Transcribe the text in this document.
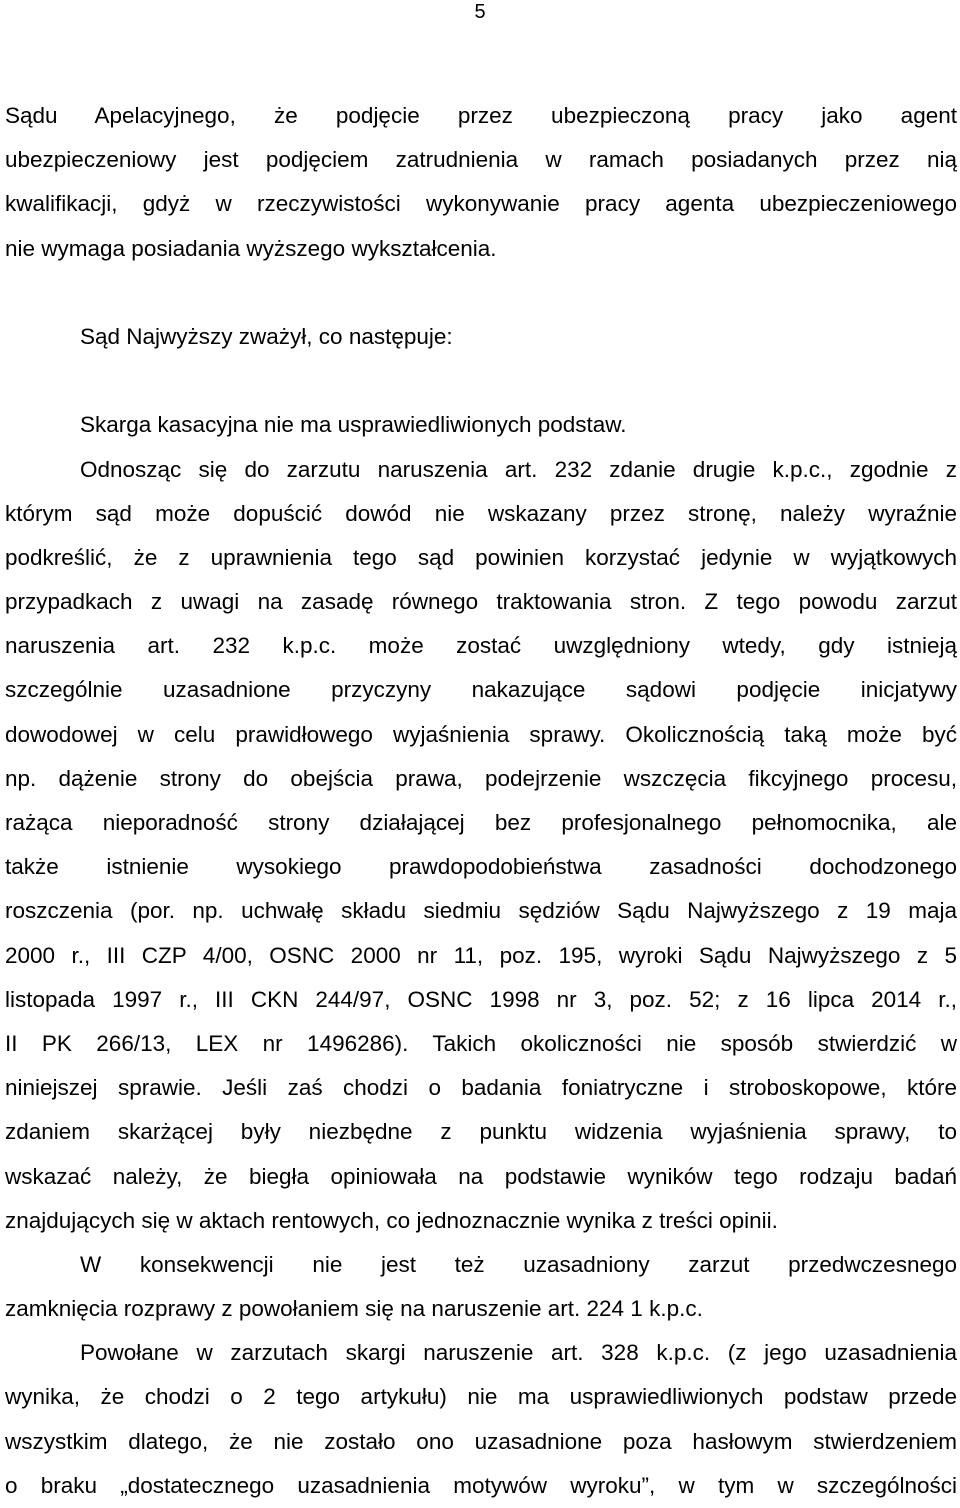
5
Sądu Apelacyjnego, że podjęcie przez ubezpieczoną pracy jako agent
ubezpieczeniowy jest podjęciem zatrudnienia w ramach posiadanych przez nią
kwalifikacji, gdyż w rzeczywistości wykonywanie pracy agenta ubezpieczeniowego
nie wymaga posiadania wyższego wykształcenia.
Sąd Najwyższy zważył, co następuje:
Skarga kasacyjna nie ma usprawiedliwionych podstaw.
Odnosząc się do zarzutu naruszenia art. 232 zdanie drugie k.p.c., zgodnie z
którym sąd może dopuścić dowód nie wskazany przez stronę, należy wyraźnie
podkreślić, że z uprawnienia tego sąd powinien korzystać jedynie w wyjątkowych
przypadkach z uwagi na zasadę równego traktowania stron. Z tego powodu zarzut
naruszenia art. 232 k.p.c. może zostać uwzględniony wtedy, gdy istnieją
szczególnie uzasadnione przyczyny nakazujące sądowi podjęcie inicjatywy
dowodowej w celu prawidłowego wyjaśnienia sprawy. Okolicznością taką może być
np. dążenie strony do obejścia prawa, podejrzenie wszczęcia fikcyjnego procesu,
rażąca nieporadność strony działającej bez profesjonalnego pełnomocnika, ale
także istnienie wysokiego prawdopodobieństwa zasadności dochodzonego
roszczenia (por. np. uchwałę składu siedmiu sędziów Sądu Najwyższego z 19 maja
2000 r., III CZP 4/00, OSNC 2000 nr 11, poz. 195, wyroki Sądu Najwyższego z 5
listopada 1997 r., III CKN 244/97, OSNC 1998 nr 3, poz. 52; z 16 lipca 2014 r.,
II PK 266/13, LEX nr 1496286). Takich okoliczności nie sposób stwierdzić w
niniejszej sprawie. Jeśli zaś chodzi o badania foniatryczne i stroboskopowe, które
zdaniem skarżącej były niezbędne z punktu widzenia wyjaśnienia sprawy, to
wskazać należy, że biegła opiniowała na podstawie wyników tego rodzaju badań
znajdujących się w aktach rentowych, co jednoznacznie wynika z treści opinii.
W konsekwencji nie jest też uzasadniony zarzut przedwczesnego
zamknięcia rozprawy z powołaniem się na naruszenie art. 224 1 k.p.c.
Powołane w zarzutach skargi naruszenie art. 328 k.p.c. (z jego uzasadnienia
wynika, że chodzi o 2 tego artykułu) nie ma usprawiedliwionych podstaw przede
wszystkim dlatego, że nie zostało ono uzasadnione poza hasłowym stwierdzeniem
o braku „dostatecznego uzasadnienia motywów wyroku”, w tym w szczególności
